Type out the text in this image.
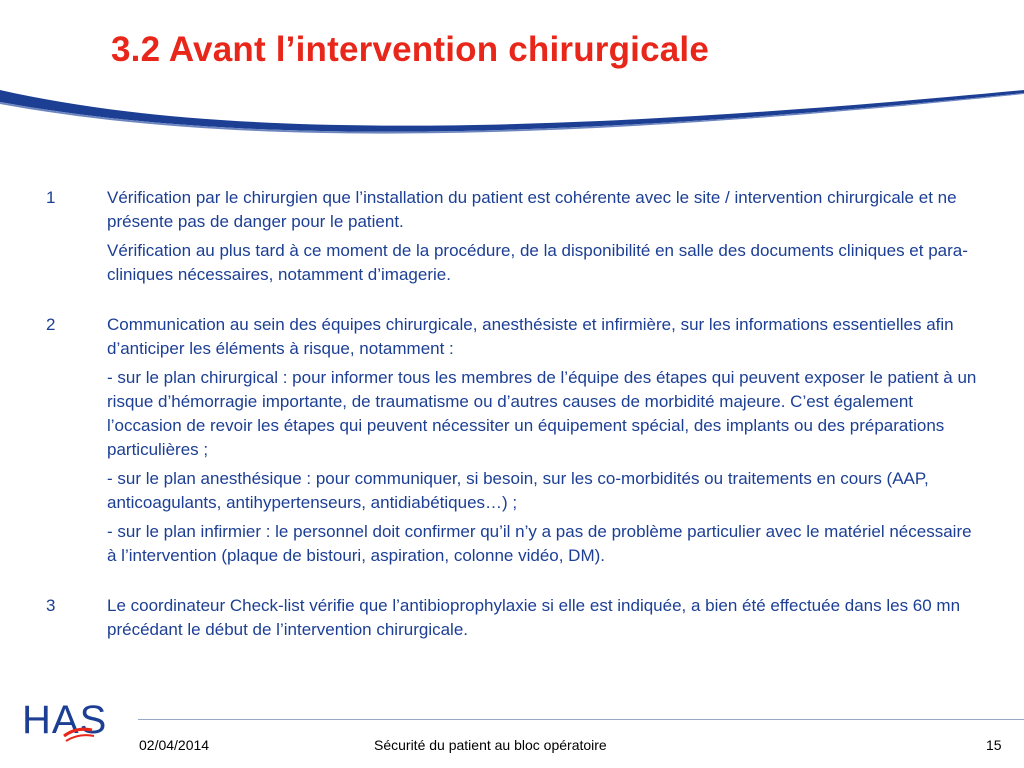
3.2 Avant l’intervention chirurgicale
1	Vérification par le chirurgien que l’installation du patient est cohérente avec le site / intervention chirurgicale et ne présente pas de danger pour le patient.

Vérification au plus tard à ce moment de la procédure, de la disponibilité en salle des documents cliniques et para-cliniques nécessaires, notamment d’imagerie.

2	Communication au sein des équipes chirurgicale, anesthésiste et infirmière, sur les informations essentielles afin d’anticiper les éléments à risque, notamment :

- sur le plan chirurgical : pour informer tous les membres de l’équipe des étapes qui peuvent exposer le patient à un risque d’hémorragie importante, de traumatisme ou d’autres causes de morbidité majeure. C’est également l’occasion de revoir les étapes qui peuvent nécessiter un équipement spécial, des implants ou des préparations particulières ;

- sur le plan anesthésique : pour communiquer, si besoin, sur les co-morbidités ou traitements en cours (AAP, anticoagulants, antihypertenseurs, antidiabétiques…) ;

- sur le plan infirmier : le personnel doit confirmer qu’il n’y a pas de problème particulier avec le matériel nécessaire à l’intervention (plaque de bistouri, aspiration, colonne vidéo, DM).

3	Le coordinateur Check-list vérifie que l’antibioprophylaxie si elle est indiquée, a bien été effectuée dans les 60 mn précédant le début de l’intervention chirurgicale.

HAS
02/04/2014	Sécurité du patient au bloc opératoire	15
